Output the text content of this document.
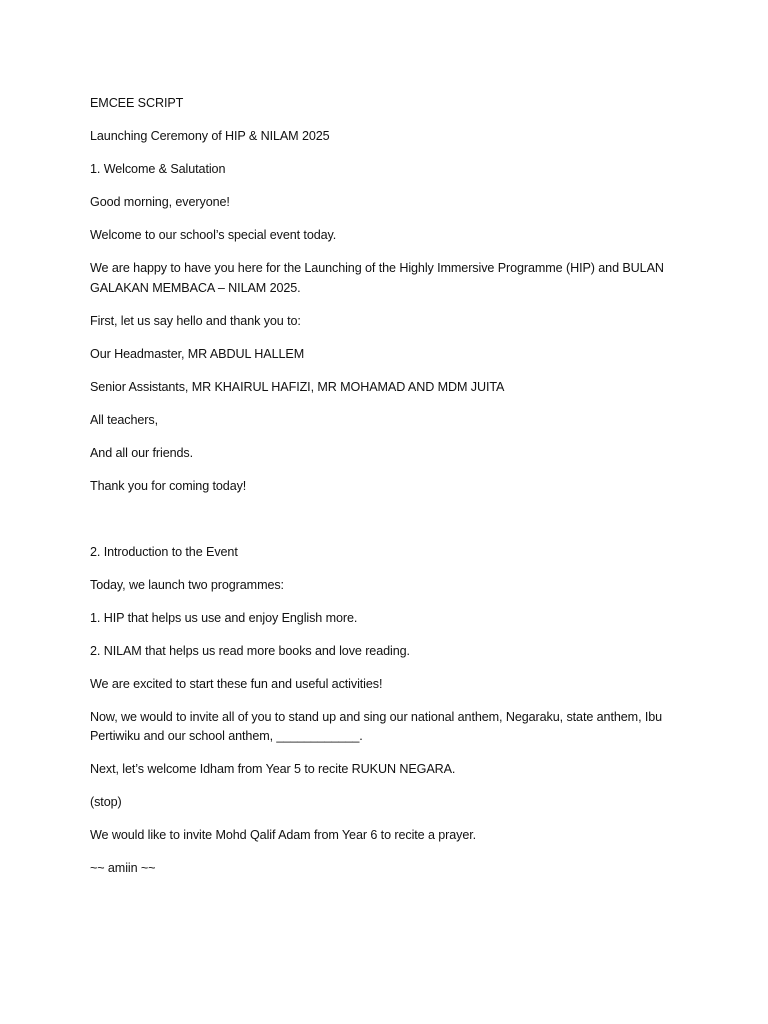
EMCEE SCRIPT

Launching Ceremony of HIP & NILAM 2025

1. Welcome & Salutation

Good morning, everyone!

Welcome to our school’s special event today.

We are happy to have you here for the Launching of the Highly Immersive Programme (HIP) and BULAN GALAKAN MEMBACA – NILAM 2025.

First, let us say hello and thank you to:

Our Headmaster, MR ABDUL HALLEM

Senior Assistants, MR KHAIRUL HAFIZI, MR MOHAMAD AND MDM JUITA

All teachers,

And all our friends.

Thank you for coming today!

2. Introduction to the Event

Today, we launch two programmes:

1. HIP that helps us use and enjoy English more.

2. NILAM that helps us read more books and love reading.

We are excited to start these fun and useful activities!

Now, we would to invite all of you to stand up and sing our national anthem, Negaraku, state anthem, Ibu Pertiwiku and our school anthem, ____________.

Next, let’s welcome Idham from Year 5 to recite RUKUN NEGARA.

(stop)

We would like to invite Mohd Qalif Adam from Year 6 to recite a prayer.

~~ amiin ~~
